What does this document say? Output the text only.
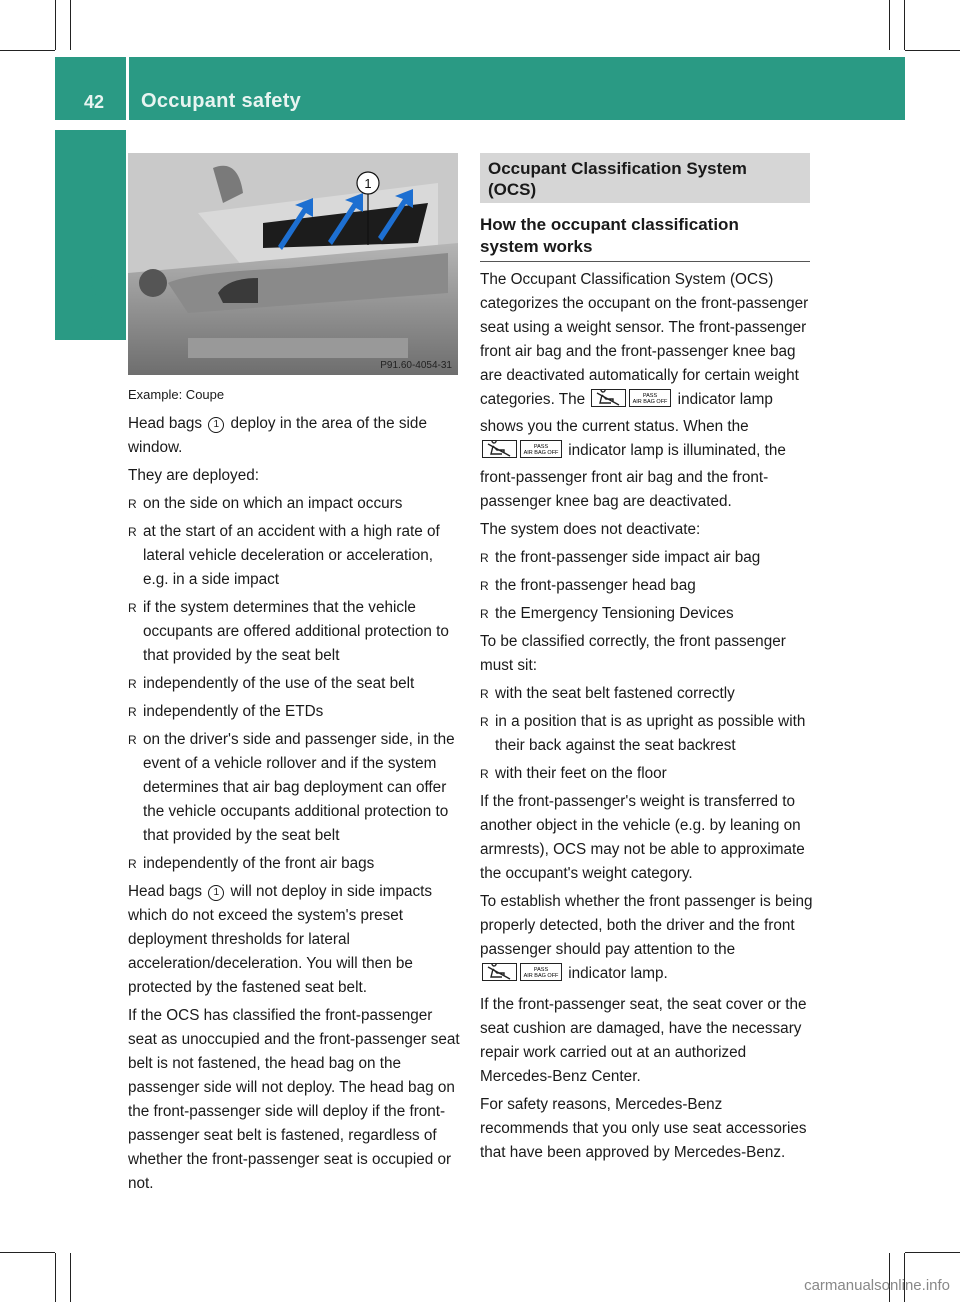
42 Occupant safety
Safety
1
P91.60-4054-31
Example: Coupe

Head bags 1 deploy in the area of the side window.

They are deployed:

R on the side on which an impact occurs
R at the start of an accident with a high rate of lateral vehicle deceleration or acceleration, e.g. in a side impact
R if the system determines that the vehicle occupants are offered additional protection to that provided by the seat belt
R independently of the use of the seat belt
R independently of the ETDs
R on the driver's side and passenger side, in the event of a vehicle rollover and if the system determines that air bag deployment can offer the vehicle occupants additional protection to that provided by the seat belt
R independently of the front air bags

Head bags 1 will not deploy in side impacts which do not exceed the system's preset deployment thresholds for lateral acceleration/deceleration. You will then be protected by the fastened seat belt.

If the OCS has classified the front-passenger seat as unoccupied and the front-passenger seat belt is not fastened, the head bag on the passenger side will not deploy. The head bag on the front-passenger side will deploy if the front-passenger seat belt is fastened, regardless of whether the front-passenger seat is occupied or not.

Occupant Classification System (OCS)
How the occupant classification system works

The Occupant Classification System (OCS) categorizes the occupant on the front-passenger seat using a weight sensor. The front-passenger front air bag and the front-passenger knee bag are deactivated automatically for certain weight categories. The	PASS
AIR BAG OFF indicator lamp shows you the current status. When the
PASS
AIR BAG OFF indicator lamp is illuminated, the front-passenger front air bag and the front-passenger knee bag are deactivated.

The system does not deactivate:

R the front-passenger side impact air bag
R the front-passenger head bag
R the Emergency Tensioning Devices

To be classified correctly, the front passenger must sit:

R with the seat belt fastened correctly
R in a position that is as upright as possible with their back against the seat backrest
R with their feet on the floor

If the front-passenger's weight is transferred to another object in the vehicle (e.g. by leaning on armrests), OCS may not be able to approximate the occupant's weight category.

To establish whether the front passenger is being properly detected, both the driver and the front passenger should pay attention to the
PASS
AIR BAG OFF indicator lamp.

If the front-passenger seat, the seat cover or the seat cushion are damaged, have the necessary repair work carried out at an authorized Mercedes-Benz Center.

For safety reasons, Mercedes-Benz recommends that you only use seat accessories that have been approved by Mercedes-Benz.

carmanualsonline.info
